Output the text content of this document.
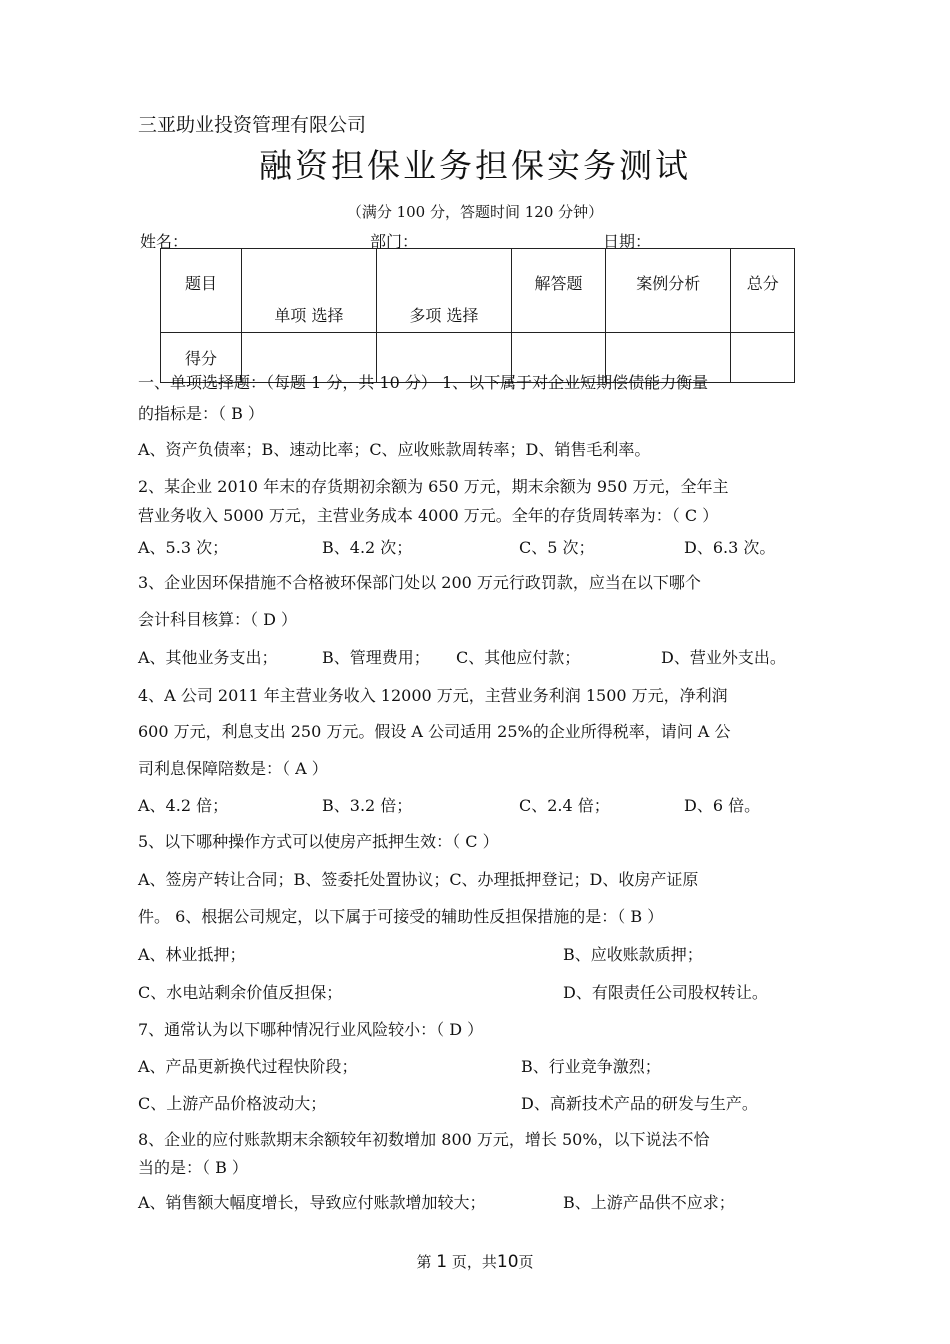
三亚助业投资管理有限公司
融资担保业务担保实务测试
（满分 100 分，答题时间 120 分钟）
姓名：	部门：	日期：
题目	单项 选择	多项 选择	解答题	案例分析	总分
得分					
一、单项选择题：（每题 1 分，共 10 分） 1、以下属于对企业短期偿债能力衡量
的指标是：（ B ）
A、资产负债率；B、速动比率；C、应收账款周转率；D、销售毛利率。
2、某企业 2010 年末的存货期初余额为 650 万元，期末余额为 950 万元，全年主
营业务收入 5000 万元，主营业务成本 4000 万元。全年的存货周转率为：（ C ）
A、5.3 次；	B、4.2 次；	C、5 次；	D、6.3 次。
3、企业因环保措施不合格被环保部门处以 200 万元行政罚款，应当在以下哪个
会计科目核算：（ D ）
A、其他业务支出；	B、管理费用； C、其他应付款；	D、营业外支出。
4、A 公司 2011 年主营业务收入 12000 万元，主营业务利润 1500 万元，净利润
600 万元，利息支出 250 万元。假设 A 公司适用 25%的企业所得税率，请问 A 公
司利息保障陪数是：（ A ）
A、4.2 倍；	B、3.2 倍；	C、2.4 倍；	D、6 倍。
5、以下哪种操作方式可以使房产抵押生效：（ C ）
A、签房产转让合同；B、签委托处置协议；C、办理抵押登记；D、收房产证原
件。 6、根据公司规定，以下属于可接受的辅助性反担保措施的是：（ B ）
A、林业抵押；	B、应收账款质押；
C、水电站剩余价值反担保；	D、有限责任公司股权转让。
7、通常认为以下哪种情况行业风险较小：（ D ）
A、产品更新换代过程快阶段；	B、行业竞争激烈；
C、上游产品价格波动大；	D、高新技术产品的研发与生产。
8、企业的应付账款期末余额较年初数增加 800 万元，增长 50%，以下说法不恰
当的是：（ B ）
A、销售额大幅度增长，导致应付账款增加较大；	B、上游产品供不应求；
第 1 页，共10页
